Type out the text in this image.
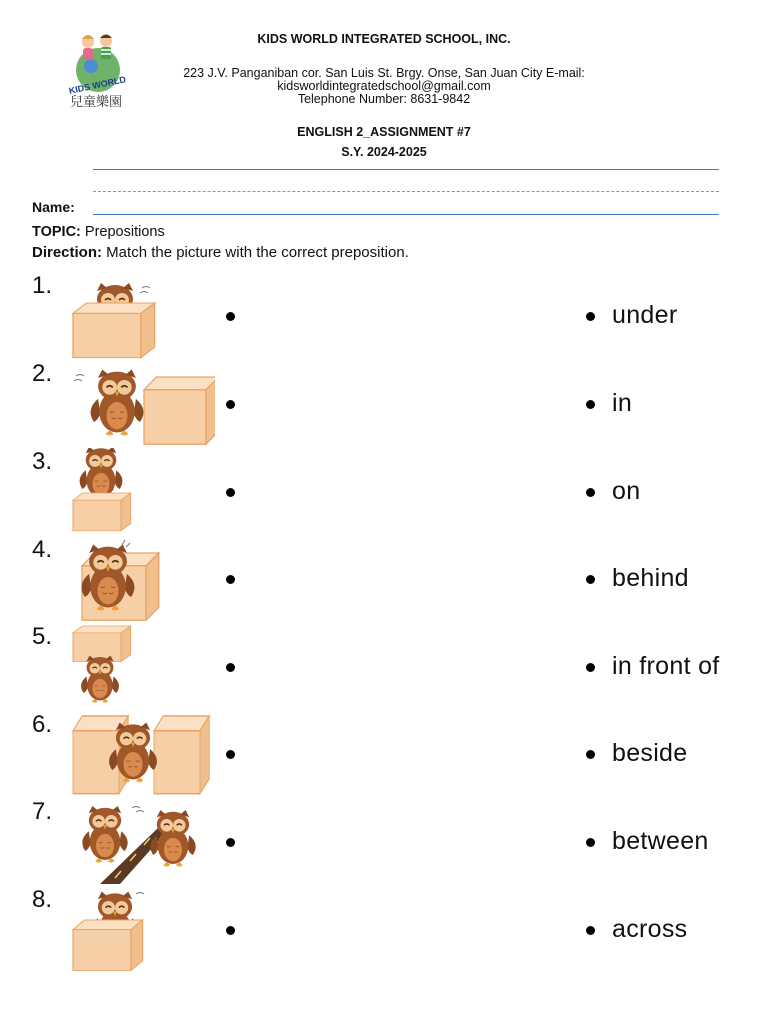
KIDS WORLD
兒童樂園
KIDS WORLD INTEGRATED SCHOOL, INC.
223 J.V. Panganiban cor. San Luis St. Brgy. Onse, San Juan City E-mail:
kidsworldintegratedschool@gmail.com
Telephone Number: 8631-9842
ENGLISH 2_ASSIGNMENT #7
S.Y. 2024-2025
Name:
TOPIC: Prepositions
Direction: Match the picture with the correct preposition.
1.
2.
3.
4.
5.
6.
7.
8.
under
in
on
behind
in front of
beside
between
across
